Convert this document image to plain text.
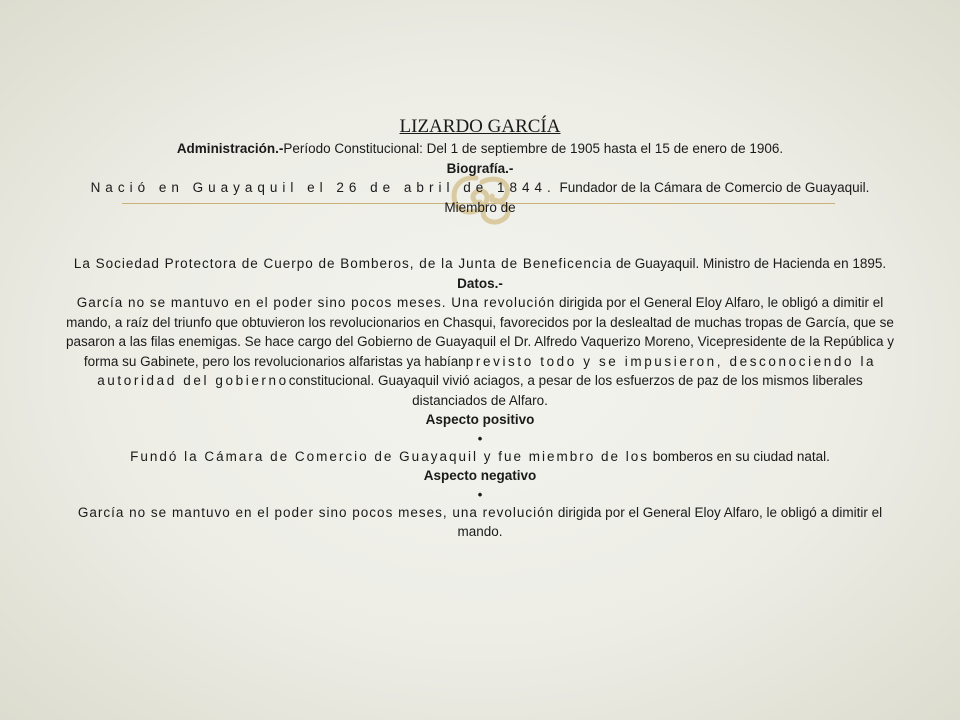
LIZARDO GARCÍA

Administración.-Período Constitucional: Del 1 de septiembre de 1905 hasta el 15 de enero de 1906.

Biografía.-

Nació en Guayaquil el 26 de abril de 1844. Fundador de la Cámara de Comercio de Guayaquil.

Miembro de

La Sociedad Protectora de Cuerpo de Bomberos, de la Junta de Beneficencia de Guayaquil. Ministro de Hacienda en 1895.

Datos.-

García no se mantuvo en el poder sino pocos meses. Una revolución dirigida por el General Eloy Alfaro, le obligó a dimitir el mando, a raíz del triunfo que obtuvieron los revolucionarios en Chasqui, favorecidos por la deslealtad de muchas tropas de García, que se pasaron a las filas enemigas. Se hace cargo del Gobierno de Guayaquil el Dr. Alfredo Vaquerizo Moreno, Vicepresidente de la República y forma su Gabinete, pero los revolucionarios alfaristas ya habíanprevisto todo y se impusieron, desconociendo la autoridad del gobiernoconstitucional. Guayaquil vivió aciagos, a pesar de los esfuerzos de paz de los mismos liberales distanciados de Alfaro.

Aspecto positivo

•

Fundó la Cámara de Comercio de Guayaquil y fue miembro de los bomberos en su ciudad natal.

Aspecto negativo

•

García no se mantuvo en el poder sino pocos meses, una revolución dirigida por el General Eloy Alfaro, le obligó a dimitir el mando.
